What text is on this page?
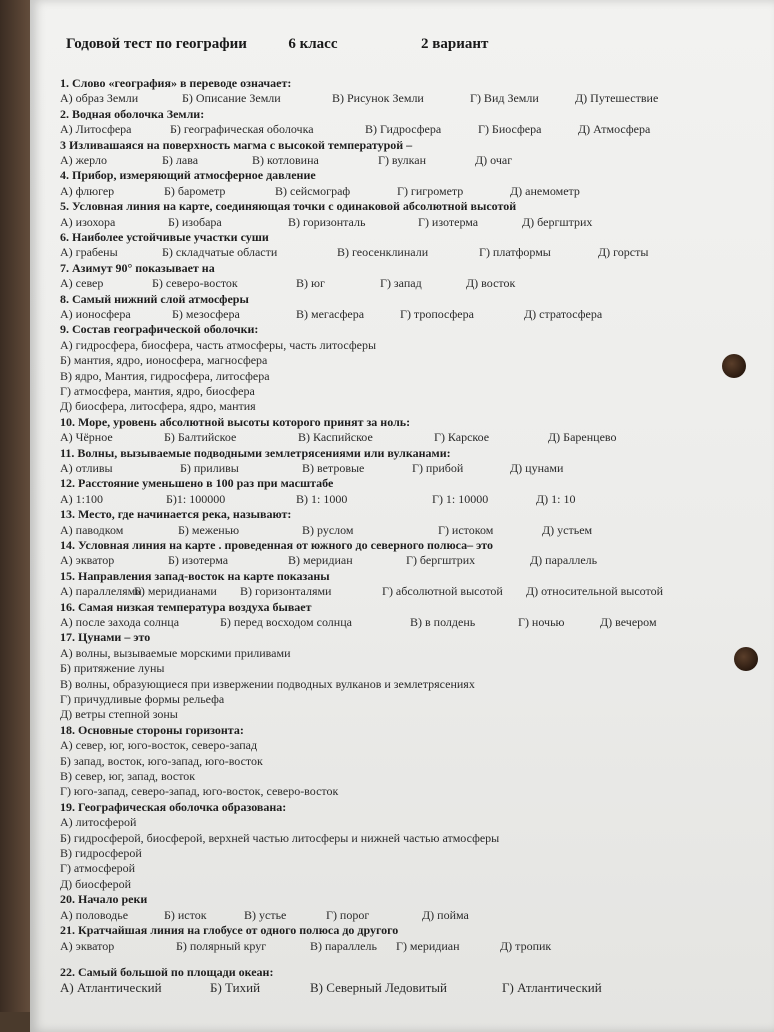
Годовой тест по географии	6 класс	2 вариант
1. Слово «география» в переводе означает:
А) образ Земли	Б) Описание Земли	В) Рисунок Земли	Г) Вид Земли	Д) Путешествие
2. Водная оболочка Земли:
А) Литосфера	Б) географическая оболочка	В) Гидросфера	Г) Биосфера	Д) Атмосфера
3 Изливашаяся на поверхность магма с высокой температурой –
А) жерло	Б) лава	В) котловина	Г) вулкан	Д) очаг
4. Прибор, измеряющий атмосферное давление
А) флюгер	Б) барометр	В) сейсмограф	Г) гигрометр	Д) анемометр
5. Условная линия на карте, соединяющая точки с одинаковой абсолютной высотой
А) изохора	Б) изобара	В) горизонталь	Г) изотерма	Д) бергштрих
6. Наиболее устойчивые участки суши
А) грабены	Б) складчатые области	В) геосенклинали	Г) платформы	Д) горсты
7. Азимут 90° показывает на
А) север	Б) северо-восток	В) юг	Г) запад	Д) восток
8. Самый нижний слой атмосферы
А) ионосфера	Б) мезосфера	В) мегасфера	Г) тропосфера	Д) стратосфера
9. Состав географической оболочки:
А) гидросфера, биосфера, часть атмосферы, часть литосферы
Б) мантия, ядро, ионосфера, магносфера
В) ядро, Мантия, гидросфера, литосфера
Г) атмосфера, мантия, ядро, биосфера
Д) биосфера, литосфера, ядро, мантия
10. Море, уровень абсолютной высоты которого принят за ноль:
А) Чёрное	Б) Балтийское	В) Каспийское	Г) Карское	Д) Баренцево
11. Волны, вызываемые подводными землетрясениями или вулканами:
А) отливы	Б) приливы	В) ветровые	Г) прибой	Д) цунами
12. Расстояние уменьшено в 100 раз при масштабе
А) 1:100	Б)1: 100000	В) 1: 1000	Г) 1: 10000	Д) 1: 10
13. Место, где начинается река, называют:
А) паводком	Б) меженью	В) руслом	Г) истоком	Д) устьем
14. Условная линия на карте . проведенная от южного до северного полюса– это
А) экватор	Б) изотерма	В) меридиан	Г) бергштрих	Д) параллель
15. Направления запад-восток на карте показаны
А) параллелями
Б) меридианами В) горизонталями	Г) абсолютной высотой Д) относительной высотой
16. Самая низкая температура воздуха бывает
А) после захода солнца	Б) перед восходом солнца	В) в полдень	Г) ночью	Д) вечером
17. Цунами – это
А) волны, вызываемые морскими приливами
Б) притяжение луны
В) волны, образующиеся при извержении подводных вулканов и землетрясениях
Г) причудливые формы рельефа
Д) ветры степной зоны
18. Основные стороны горизонта:
А) север, юг, юго-восток, северо-запад
Б) запад, восток, юго-запад, юго-восток
В) север, юг, запад, восток
Г) юго-запад, северо-запад, юго-восток, северо-восток
19. Географическая оболочка образована:
А) литосферой
Б) гидросферой, биосферой, верхней частью литосферы и нижней частью атмосферы
В) гидросферой
Г) атмосферой
Д) биосферой
20. Начало реки
А) половодье	Б) исток	В) устье	Г) порог	Д) пойма
21. Кратчайшая линия на глобусе от одного полюса до другого
А) экватор	Б) полярный круг	В) параллель Г) меридиан	Д) тропик
22. Самый большой по площади океан:
А) Атлантический	Б) Тихий	В) Северный Ледовитый	Г) Атлантический
